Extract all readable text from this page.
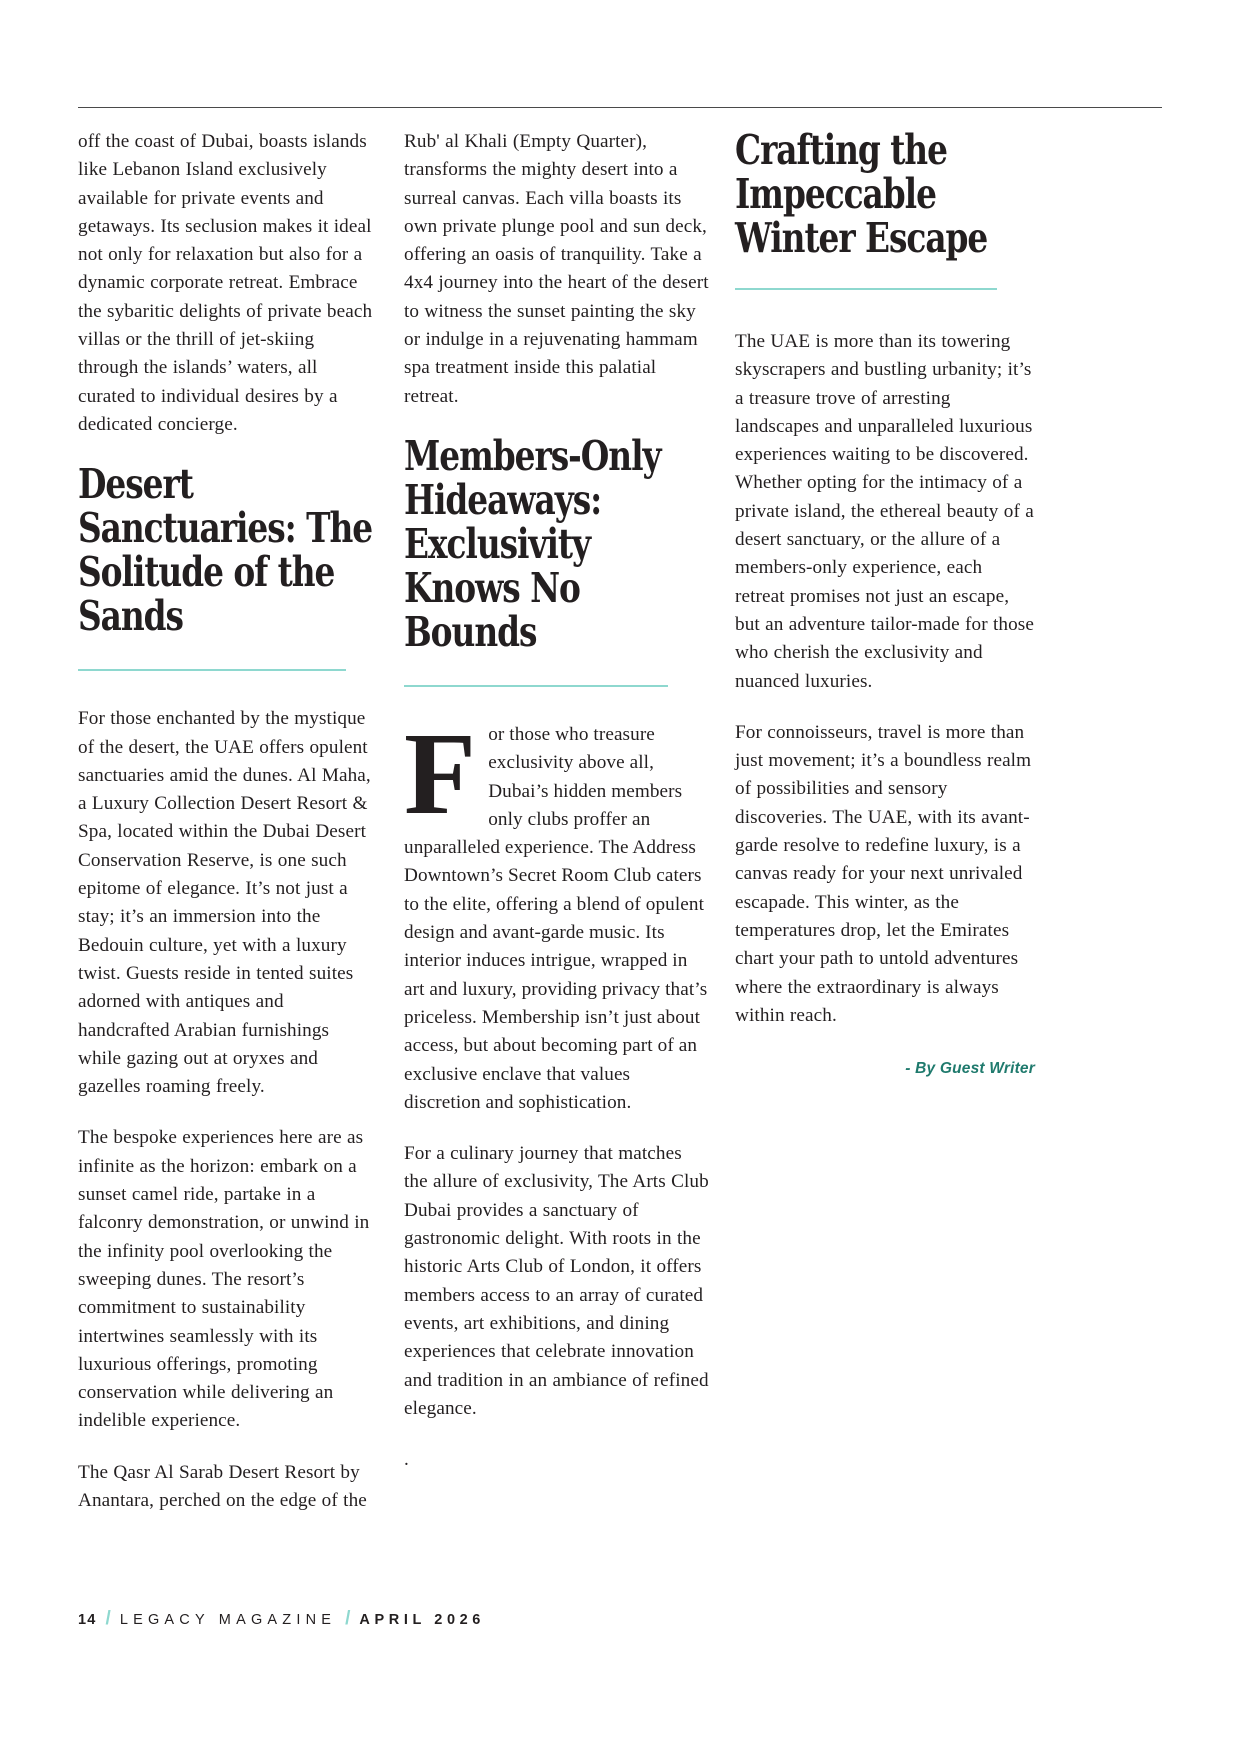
off the coast of Dubai, boasts islands like Lebanon Island exclusively available for private events and getaways. Its seclusion makes it ideal not only for relaxation but also for a dynamic corporate retreat. Embrace the sybaritic delights of private beach villas or the thrill of jet-skiing through the islands’ waters, all curated to individual desires by a dedicated concierge.

Desert Sanctuaries: The Solitude of the Sands

For those enchanted by the mystique of the desert, the UAE offers opulent sanctuaries amid the dunes. Al Maha, a Luxury Collection Desert Resort & Spa, located within the Dubai Desert Conservation Reserve, is one such epitome of elegance. It’s not just a stay; it’s an immersion into the Bedouin culture, yet with a luxury twist. Guests reside in tented suites adorned with antiques and handcrafted Arabian furnishings while gazing out at oryxes and gazelles roaming freely.

The bespoke experiences here are as infinite as the horizon: embark on a sunset camel ride, partake in a falconry demonstration, or unwind in the infinity pool overlooking the sweeping dunes. The resort’s commitment to sustainability intertwines seamlessly with its luxurious offerings, promoting conservation while delivering an indelible experience.

The Qasr Al Sarab Desert Resort by Anantara, perched on the edge of the

Rub' al Khali (Empty Quarter), transforms the mighty desert into a surreal canvas. Each villa boasts its own private plunge pool and sun deck, offering an oasis of tranquility. Take a 4x4 journey into the heart of the desert to witness the sunset painting the sky or indulge in a rejuvenating hammam spa treatment inside this palatial retreat.

Members-Only Hideaways: Exclusivity Knows No Bounds

For those who treasure exclusivity above all, Dubai’s hidden members only clubs proffer an unparalleled experience. The Address Downtown’s Secret Room Club caters to the elite, offering a blend of opulent design and avant-garde music. Its interior induces intrigue, wrapped in art and luxury, providing privacy that’s priceless. Membership isn’t just about access, but about becoming part of an exclusive enclave that values discretion and sophistication.

For a culinary journey that matches the allure of exclusivity, The Arts Club Dubai provides a sanctuary of gastronomic delight. With roots in the historic Arts Club of London, it offers members access to an array of curated events, art exhibitions, and dining experiences that celebrate innovation and tradition in an ambiance of refined elegance.

.

Crafting the Impeccable Winter Escape

The UAE is more than its towering skyscrapers and bustling urbanity; it’s a treasure trove of arresting landscapes and unparalleled luxurious experiences waiting to be discovered. Whether opting for the intimacy of a private island, the ethereal beauty of a desert sanctuary, or the allure of a members-only experience, each retreat promises not just an escape, but an adventure tailor-made for those who cherish the exclusivity and nuanced luxuries.

For connoisseurs, travel is more than just movement; it’s a boundless realm of possibilities and sensory discoveries. The UAE, with its avant-garde resolve to redefine luxury, is a canvas ready for your next unrivaled escapade. This winter, as the temperatures drop, let the Emirates chart your path to untold adventures where the extraordinary is always within reach.

- By Guest Writer

14 / LEGACY MAGAZINE / APRIL 2026
